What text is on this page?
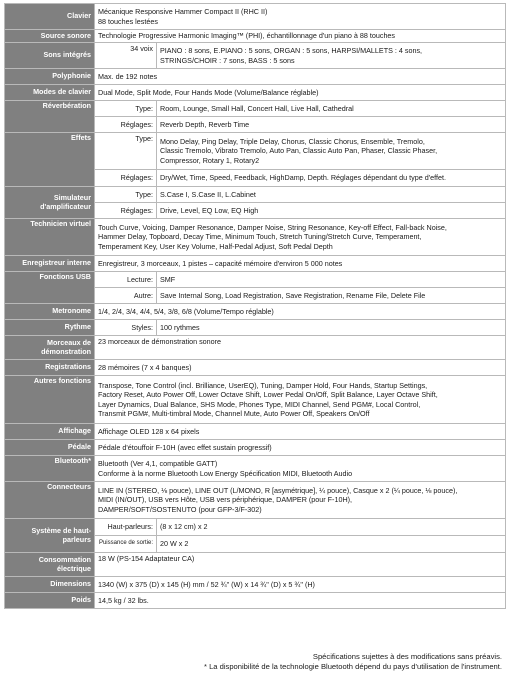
Clavier	Mécanique Responsive Hammer Compact II (RHC II)
88 touches lestées	

Source sonore	Technologie Progressive Harmonic Imaging™ (PHI), échantillonnage d'un piano à 88 touches	
Sons intégrés	34 voix	PIANO : 8 sons, E.PIANO : 5 sons, ORGAN : 5 sons, HARPSI/MALLETS : 4 sons,
STRINGS/CHOIR : 7 sons, BASS : 5 sons

Polyphonie	Max. de 192 notes	
Modes de clavier	Dual Mode, Split Mode, Four Hands Mode (Volume/Balance réglable)	
Réverbération	Type:	Room, Lounge, Small Hall, Concert Hall, Live Hall, Cathedral
	Réglages:	Reverb Depth, Reverb Time
Effets	Type:	Mono Delay, Ping Delay, Triple Delay, Chorus, Classic Chorus, Ensemble, Tremolo,
Classic Tremolo, Vibrato Tremolo, Auto Pan, Classic Auto Pan, Phaser, Classic Phaser,
Compressor, Rotary 1, Rotary2

	Réglages:	Dry/Wet, Time, Speed, Feedback, HighDamp, Depth. Réglages dépendant du type d'effet.

Simulateur
d'amplificateur	Type:	S.Case I, S.Case II, L.Cabinet
	Réglages:	Drive, Level, EQ Low, EQ High
Technicien virtuel	Touch Curve, Voicing, Damper Resonance, Damper Noise, String Resonance, Key-off Effect, Fall-back Noise,
Hammer Delay, Topboard, Decay Time, Minimum Touch, Stretch Tuning/Stretch Curve, Temperament,
Temperament Key, User Key Volume, Half-Pedal Adjust, Soft Pedal Depth	

Enregistreur interne	Enregistreur, 3 morceaux, 1 pistes – capacité mémoire d'environ 5 000 notes	
Fonctions USB	Lecture:	SMF
	Autre:	Save Internal Song, Load Registration, Save Registration, Rename File, Delete File
Metronome	1/4, 2/4, 3/4, 4/4, 5/4, 3/8, 6/8 (Volume/Tempo réglable)	
Rythme	Styles:	100 rythmes

Morceaux de
démonstration	23 morceaux de démonstration sonore	
Registrations	28 mémoires (7 x 4 banques)	
Autres fonctions	Transpose, Tone Control (incl. Brilliance, UserEQ), Tuning, Damper Hold, Four Hands, Startup Settings,
Factory Reset, Auto Power Off, Lower Octave Shift, Lower Pedal On/Off, Split Balance, Layer Octave Shift,
Layer Dynamics, Dual Balance, SHS Mode, Phones Type, MIDI Channel, Send PGM#, Local Control,
Transmit PGM#, Multi-timbral Mode, Channel Mute, Auto Power Off, Speakers On/Off	

Affichage	Affichage OLED 128 x 64 pixels	
Pédale	Pédale d'étouffoir F-10H (avec effet sustain progressif)	
Bluetooth*	Bluetooth (Ver 4,1, compatible GATT)
Conforme à la norme Bluetooth Low Energy Spécification MIDI, Bluetooth Audio	

Connecteurs	LINE IN (STEREO, ⅛ pouce), LINE OUT (L/MONO, R [asymétrique], ¼ pouce), Casque x 2 (¼ pouce, ⅛ pouce),
MIDI (IN/OUT), USB vers Hôte, USB vers périphérique, DAMPER (pour F-10H),
DAMPER/SOFT/SOSTENUTO (pour GFP-3/F-302)	

Système de haut-
parleurs	Haut-parleurs:	(8 x 12 cm) x 2
	Puissance de sortie:	20 W x 2

Consommation
électrique	18 W (PS-154 Adaptateur CA)	
Dimensions	1340 (W) x 375 (D) x 145 (H) mm / 52 ¾" (W) x 14 ¾" (D) x 5 ¾" (H)	
Poids	14,5 kg / 32 lbs.	
Spécifications sujettes à des modifications sans préavis.
* La disponibilité de la technologie Bluetooth dépend du pays d'utilisation de l'instrument.
